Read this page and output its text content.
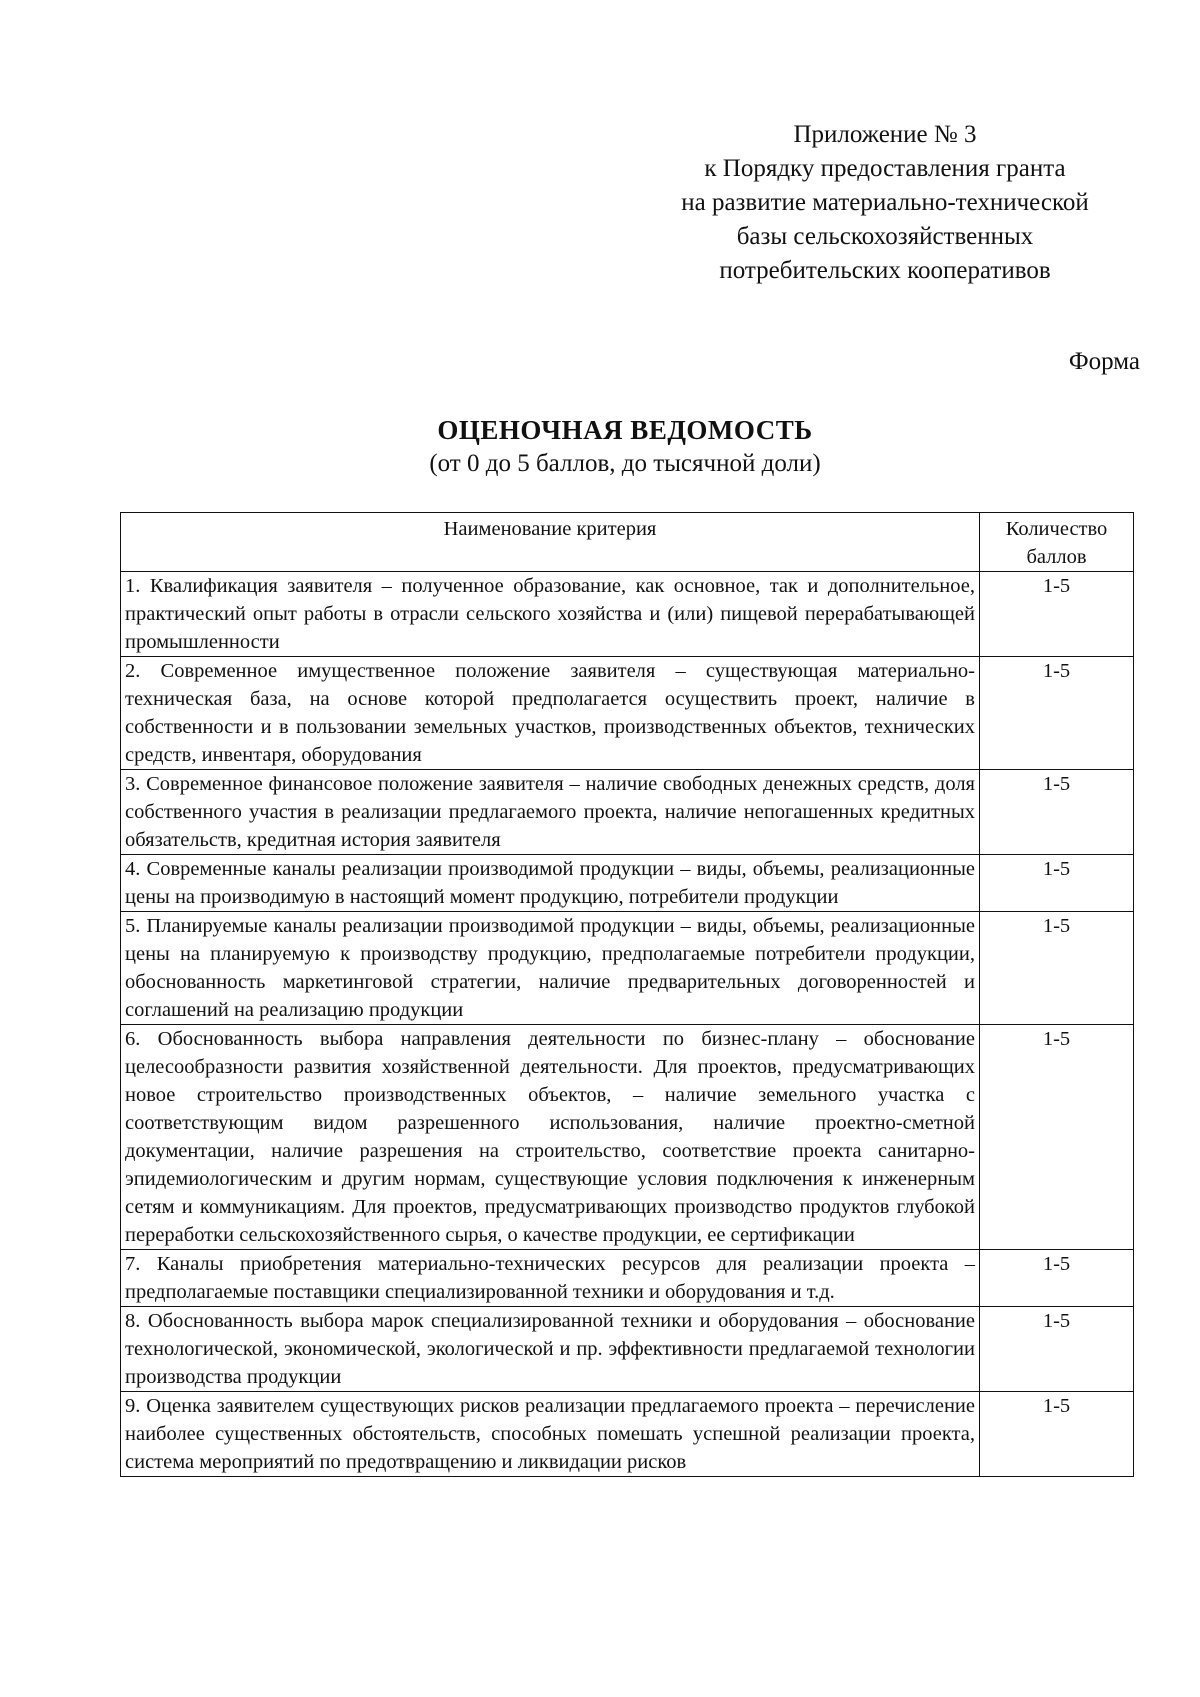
Приложение № 3
к Порядку предоставления гранта
на развитие материально-технической
базы сельскохозяйственных
потребительских кооперативов
Форма
ОЦЕНОЧНАЯ ВЕДОМОСТЬ
(от 0 до 5 баллов, до тысячной доли)
Наименование критерия	Количество баллов
1. Квалификация заявителя – полученное образование, как основное, так и дополнительное, практический опыт работы в отрасли сельского хозяйства и (или) пищевой перерабатывающей промышленности	1-5
2. Современное имущественное положение заявителя – существующая материально-техническая база, на основе которой предполагается осуществить проект, наличие в собственности и в пользовании земельных участков, производственных объектов, технических средств, инвентаря, оборудования	1-5
3. Современное финансовое положение заявителя – наличие свободных денежных средств, доля собственного участия в реализации предлагаемого проекта, наличие непогашенных кредитных обязательств, кредитная история заявителя	1-5
4. Современные каналы реализации производимой продукции – виды, объемы, реализационные цены на производимую в настоящий момент продукцию, потребители продукции	1-5
5. Планируемые каналы реализации производимой продукции – виды, объемы, реализационные цены на планируемую к производству продукцию, предполагаемые потребители продукции, обоснованность маркетинговой стратегии, наличие предварительных договоренностей и соглашений на реализацию продукции	1-5
6. Обоснованность выбора направления деятельности по бизнес-плану – обоснование целесообразности развития хозяйственной деятельности. Для проектов, предусматривающих новое строительство производственных объектов, – наличие земельного участка с соответствующим видом разрешенного использования, наличие проектно-сметной документации, наличие разрешения на строительство, соответствие проекта санитарно-эпидемиологическим и другим нормам, существующие условия подключения к инженерным сетям и коммуникациям. Для проектов, предусматривающих производство продуктов глубокой переработки сельскохозяйственного сырья, о качестве продукции, ее сертификации	1-5
7. Каналы приобретения материально-технических ресурсов для реализации проекта – предполагаемые поставщики специализированной техники и оборудования и т.д.	1-5
8. Обоснованность выбора марок специализированной техники и оборудования – обоснование технологической, экономической, экологической и пр. эффективности предлагаемой технологии производства продукции	1-5
9. Оценка заявителем существующих рисков реализации предлагаемого проекта – перечисление наиболее существенных обстоятельств, способных помешать успешной реализации проекта, система мероприятий по предотвращению и ликвидации рисков	1-5
